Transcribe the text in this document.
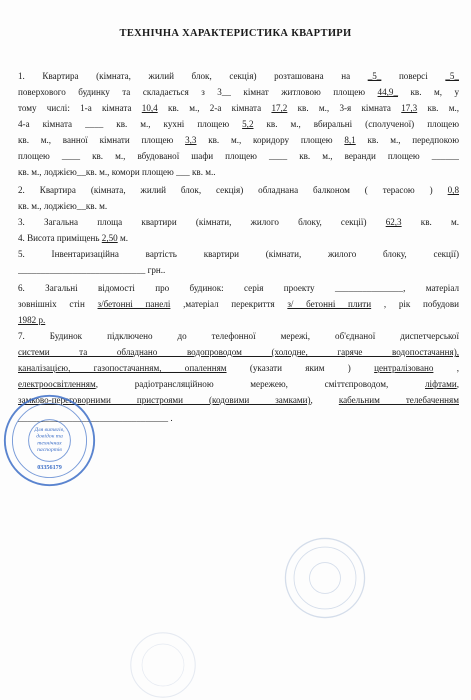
ТЕХНІЧНА ХАРАКТЕРИСТИКА КВАРТИРИ
1. Квартира (кімната, жилий блок, секція) розташована на _5_ поверсі _5_
поверхового будинку та складається з 3__ кімнат житловою площею 44,9_ кв. м, у
тому числі: 1-а кімната 10,4 кв. м., 2-а кімната 17,2 кв. м., 3-я кімната 17,3 кв. м.,
4-а кімната ____ кв. м., кухні площею 5,2 кв. м., вбиральні (сполученої) площею
кв. м., ванної кімнати площею 3,3 кв. м., коридору площею 8,1 кв. м., передпокою
площею ____ кв. м., вбудованої шафи площею ____ кв. м., веранди площею ______
кв. м., лоджією__кв. м., комори площею ___ кв. м..
2. Квартира (кімната, жилий блок, секція) обладнана балконом ( терасою ) 0,8
кв. м., лоджією__кв. м.
3. Загальна площа квартири (кімнати, жилого блоку, секції) 62,3 кв. м.
4. Висота приміщень 2,50 м.
5. Інвентаризаційна вартість квартири (кімнати, жилого блоку, секції)
____________________________ грн..
6. Загальні відомості про будинок: серія проекту _______________, матеріал
зовнішніх стін з/бетонні панелі ,матеріал перекриття з/ бетонні плити , рік побудови
1982 р.
7. Будинок підключено до телефонної мережі, об'єднаної диспетчерської
системи та обладнано водопроводом (холодне, гаряче водопостачання),
каналізацією, газопостачанням, опаленням (указати яким ) централізовано ,
електроосвітленням, радіотрансляційною мережею, сміттєпроводом, ліфтами,
замково-переговорними пристроями (кодовими замками), кабельним телебаченням
_________________________________ .
Для витягів,
довідок та
технічних
паспортів
03356179
